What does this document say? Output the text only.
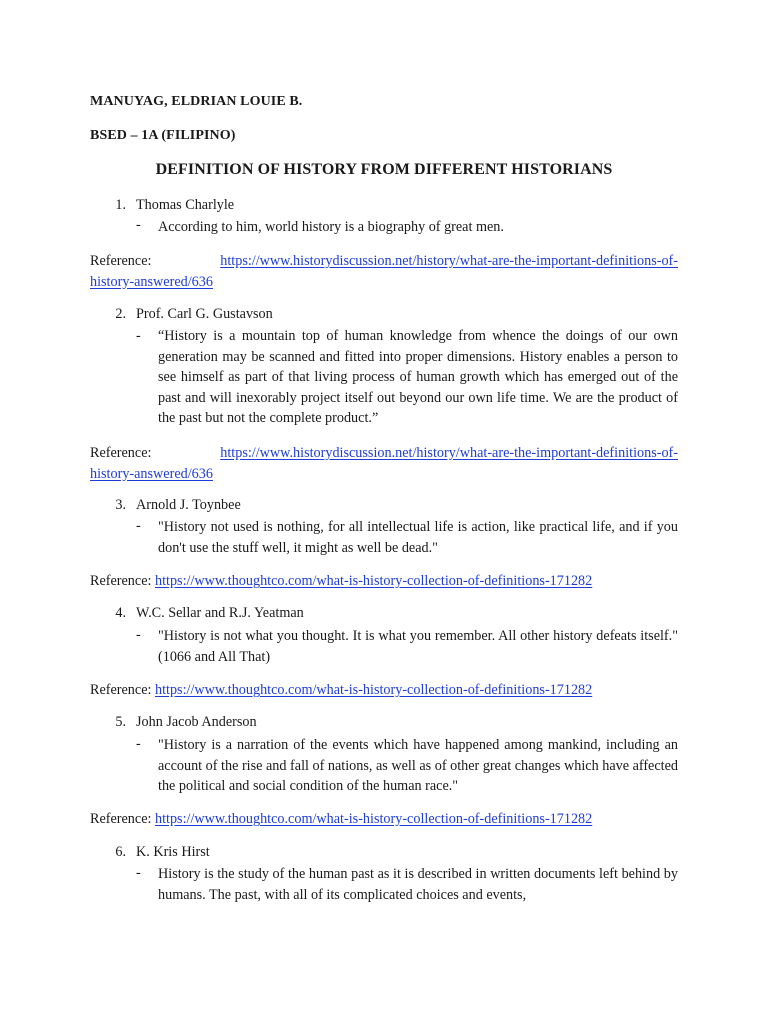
MANUYAG, ELDRIAN LOUIE B.
BSED – 1A (FILIPINO)
DEFINITION OF HISTORY FROM DIFFERENT HISTORIANS
1. Thomas Charlyle
- According to him, world history is a biography of great men.
Reference:	https://www.historydiscussion.net/history/what-are-the-important-definitions-of-
history-answered/636
2. Prof. Carl G. Gustavson
- “History is a mountain top of human knowledge from whence the doings of our own generation may be scanned and fitted into proper dimensions. History enables a person to see himself as part of that living process of human growth which has emerged out of the past and will inexorably project itself out beyond our own life time. We are the product of the past but not the complete product.”
Reference:	https://www.historydiscussion.net/history/what-are-the-important-definitions-of-
history-answered/636
3. Arnold J. Toynbee
- "History not used is nothing, for all intellectual life is action, like practical life, and if you don't use the stuff well, it might as well be dead."
Reference: https://www.thoughtco.com/what-is-history-collection-of-definitions-171282
4. W.C. Sellar and R.J. Yeatman
- "History is not what you thought. It is what you remember. All other history defeats itself." (1066 and All That)
Reference: https://www.thoughtco.com/what-is-history-collection-of-definitions-171282
5. John Jacob Anderson
- "History is a narration of the events which have happened among mankind, including an account of the rise and fall of nations, as well as of other great changes which have affected the political and social condition of the human race."
Reference: https://www.thoughtco.com/what-is-history-collection-of-definitions-171282
6. K. Kris Hirst
- History is the study of the human past as it is described in written documents left behind by humans. The past, with all of its complicated choices and events,
